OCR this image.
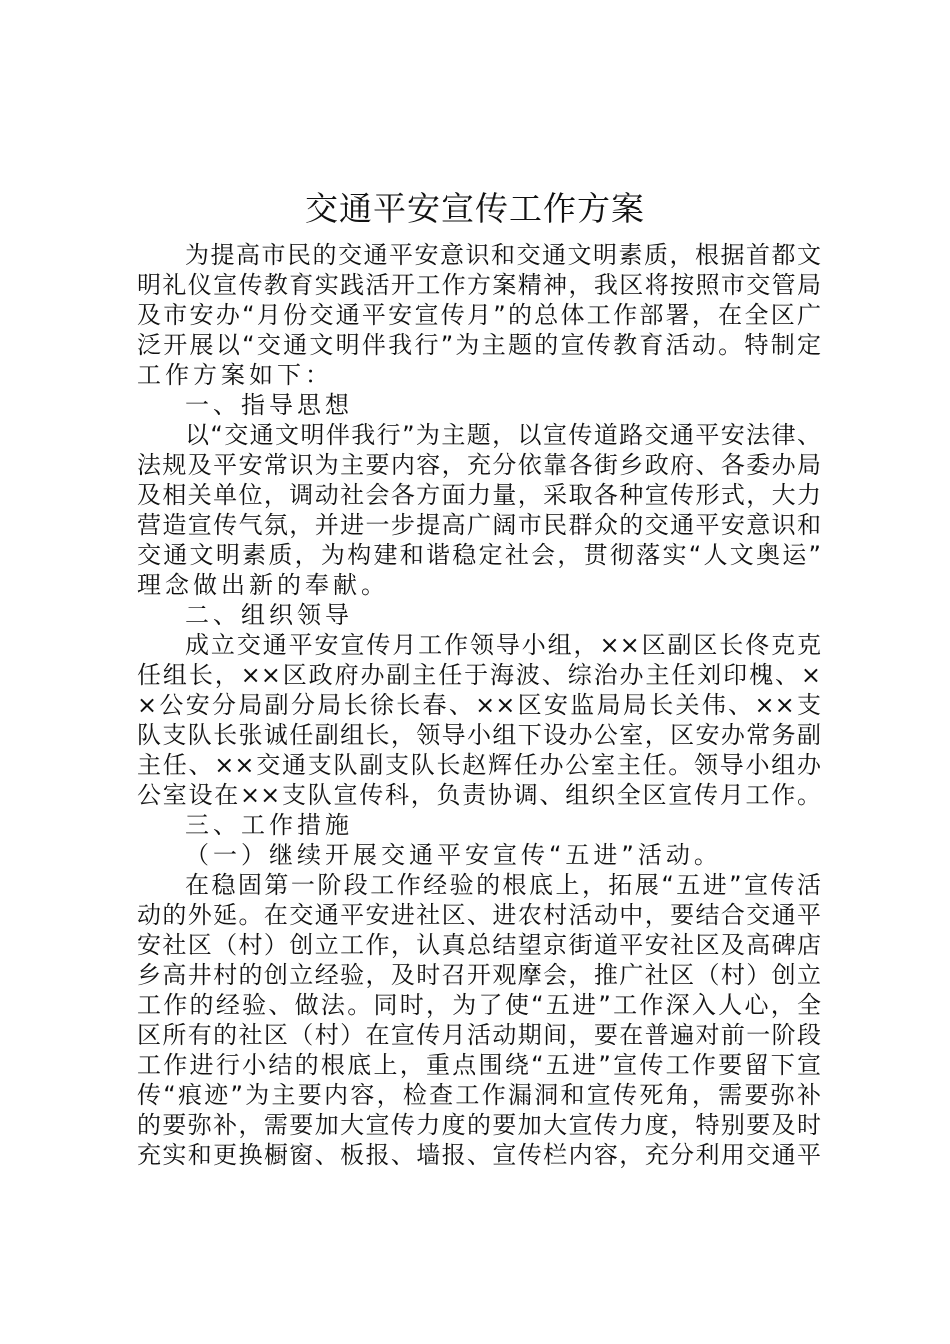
交通平安宣传工作方案
为提高市民的交通平安意识和交通文明素质，根据首都文
明礼仪宣传教育实践活开工作方案精神，我区将按照市交管局
及市安办“月份交通平安宣传月”的总体工作部署，在全区广
泛开展以“交通文明伴我行”为主题的宣传教育活动。特制定
工作方案如下：
一、指导思想
以“交通文明伴我行”为主题，以宣传道路交通平安法律、
法规及平安常识为主要内容，充分依靠各街乡政府、各委办局
及相关单位，调动社会各方面力量，采取各种宣传形式，大力
营造宣传气氛，并进一步提高广阔市民群众的交通平安意识和
交通文明素质，为构建和谐稳定社会，贯彻落实“人文奥运”
理念做出新的奉献。
二、组织领导
成立交通平安宣传月工作领导小组，××区副区长佟克克
任组长，××区政府办副主任于海波、综治办主任刘印槐、×
×公安分局副分局长徐长春、××区安监局局长关伟、××支
队支队长张诚任副组长，领导小组下设办公室，区安办常务副
主任、××交通支队副支队长赵辉任办公室主任。领导小组办
公室设在××支队宣传科，负责协调、组织全区宣传月工作。
三、工作措施
（一）继续开展交通平安宣传“五进”活动。
在稳固第一阶段工作经验的根底上，拓展“五进”宣传活
动的外延。在交通平安进社区、进农村活动中，要结合交通平
安社区（村）创立工作，认真总结望京街道平安社区及高碑店
乡高井村的创立经验，及时召开观摩会，推广社区（村）创立
工作的经验、做法。同时，为了使“五进”工作深入人心，全
区所有的社区（村）在宣传月活动期间，要在普遍对前一阶段
工作进行小结的根底上，重点围绕“五进”宣传工作要留下宣
传“痕迹”为主要内容，检查工作漏洞和宣传死角，需要弥补
的要弥补，需要加大宣传力度的要加大宣传力度，特别要及时
充实和更换橱窗、板报、墙报、宣传栏内容，充分利用交通平
